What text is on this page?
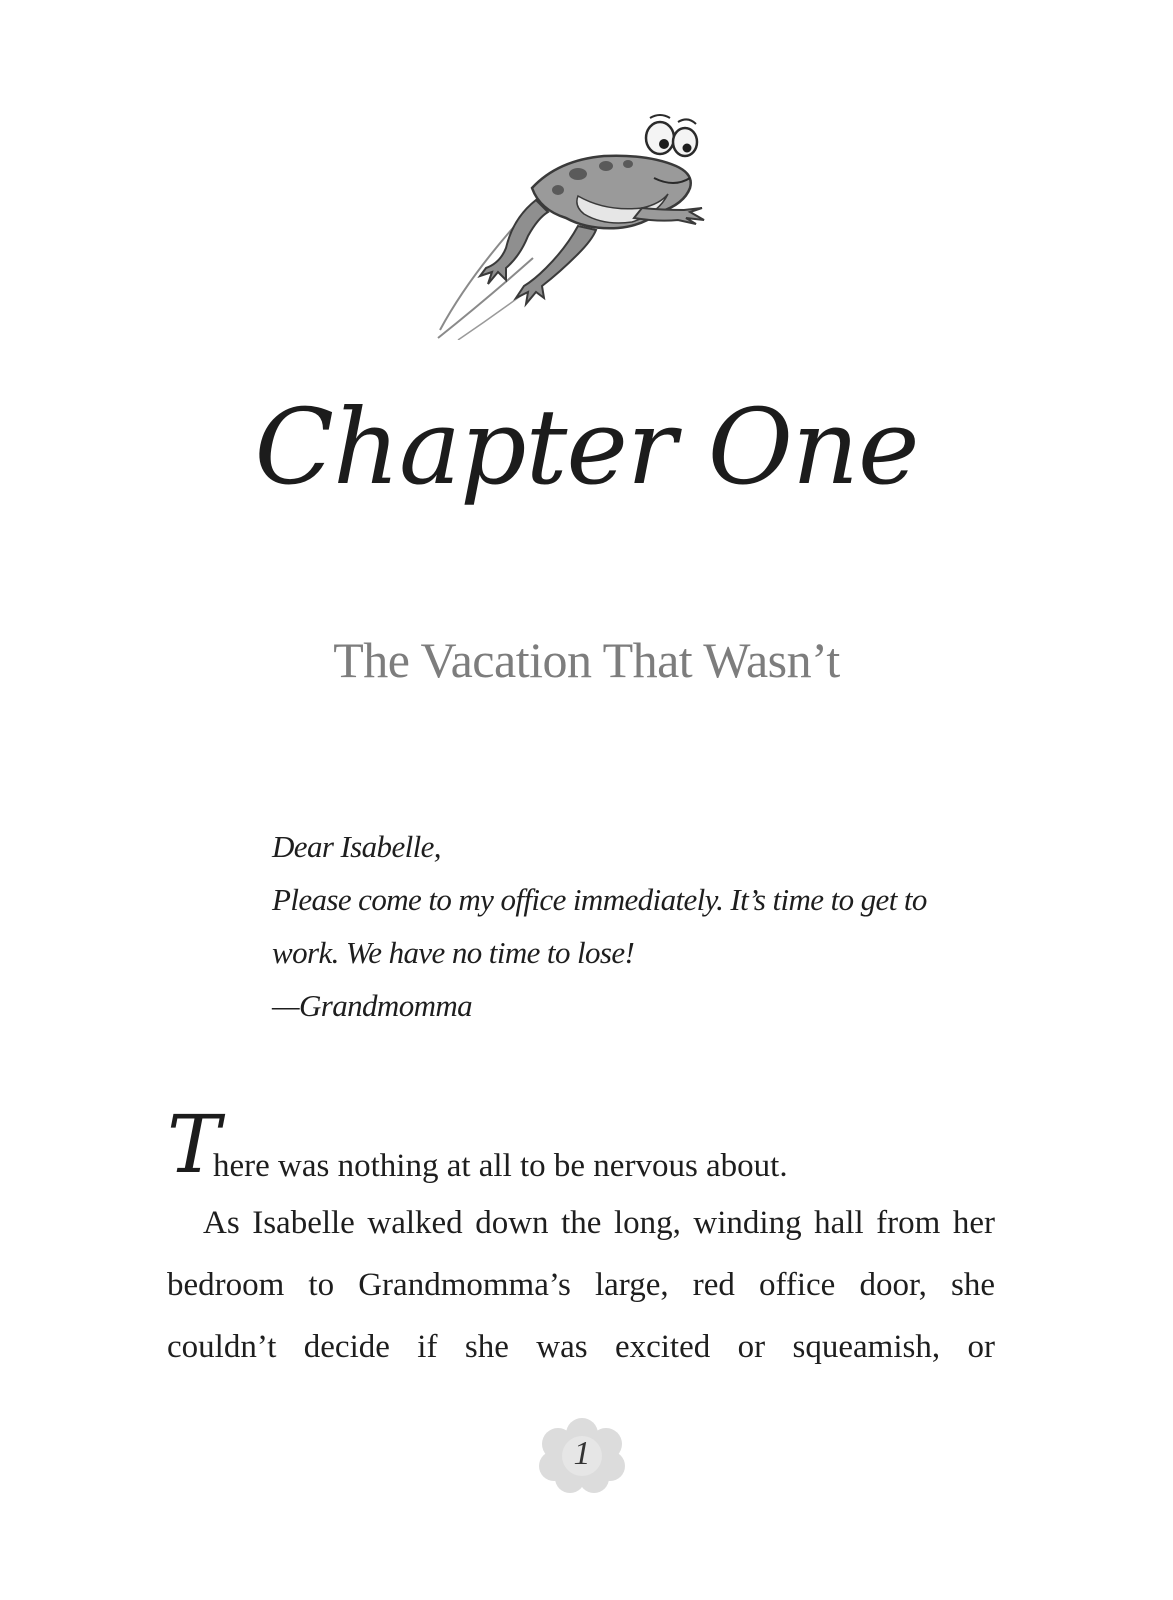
Chapter One
The Vacation That Wasn’t
Dear Isabelle,
Please come to my office immediately. It’s time to get to
work. We have no time to lose!
—Grandmomma
T
here was nothing at all to be nervous about.
As Isabelle walked down the long, winding hall from her
bedroom to Grandmomma’s large, red office door, she
couldn’t decide if she was excited or squeamish, or
1
